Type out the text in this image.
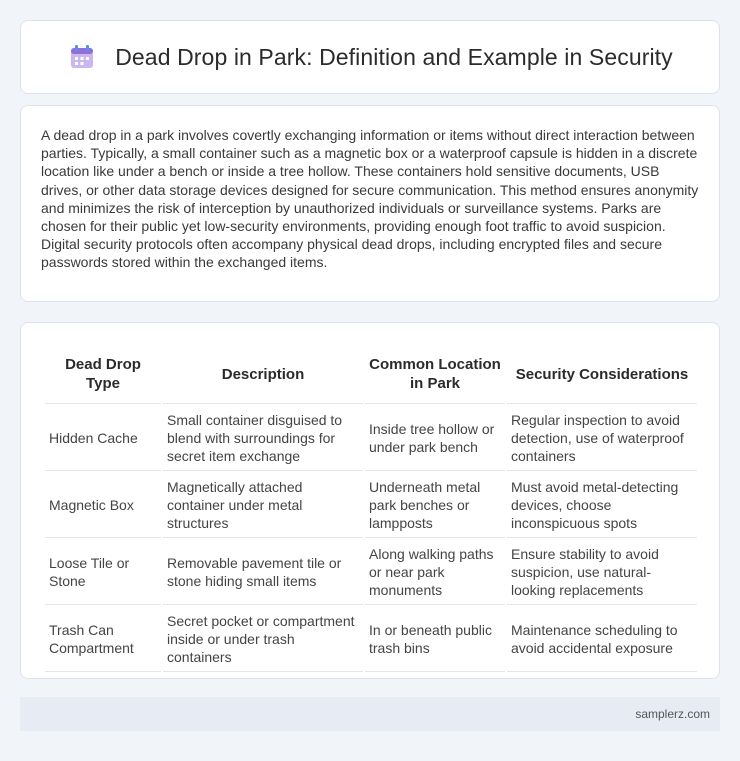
Dead Drop in Park: Definition and Example in Security

A dead drop in a park involves covertly exchanging information or items without direct interaction between parties. Typically, a small container such as a magnetic box or a waterproof capsule is hidden in a discrete location like under a bench or inside a tree hollow. These containers hold sensitive documents, USB drives, or other data storage devices designed for secure communication. This method ensures anonymity and minimizes the risk of interception by unauthorized individuals or surveillance systems. Parks are chosen for their public yet low-security environments, providing enough foot traffic to avoid suspicion. Digital security protocols often accompany physical dead drops, including encrypted files and secure passwords stored within the exchanged items.

Dead Drop Type	Description	Common Location in Park	Security Considerations
Hidden Cache	Small container disguised to blend with surroundings for secret item exchange	Inside tree hollow or under park bench	Regular inspection to avoid detection, use of waterproof containers
Magnetic Box	Magnetically attached container under metal structures	Underneath metal park benches or lampposts	Must avoid metal-detecting devices, choose inconspicuous spots
Loose Tile or Stone	Removable pavement tile or stone hiding small items	Along walking paths or near park monuments	Ensure stability to avoid suspicion, use natural-looking replacements
Trash Can Compartment	Secret pocket or compartment inside or under trash containers	In or beneath public trash bins	Maintenance scheduling to avoid accidental exposure
samplerz.com
